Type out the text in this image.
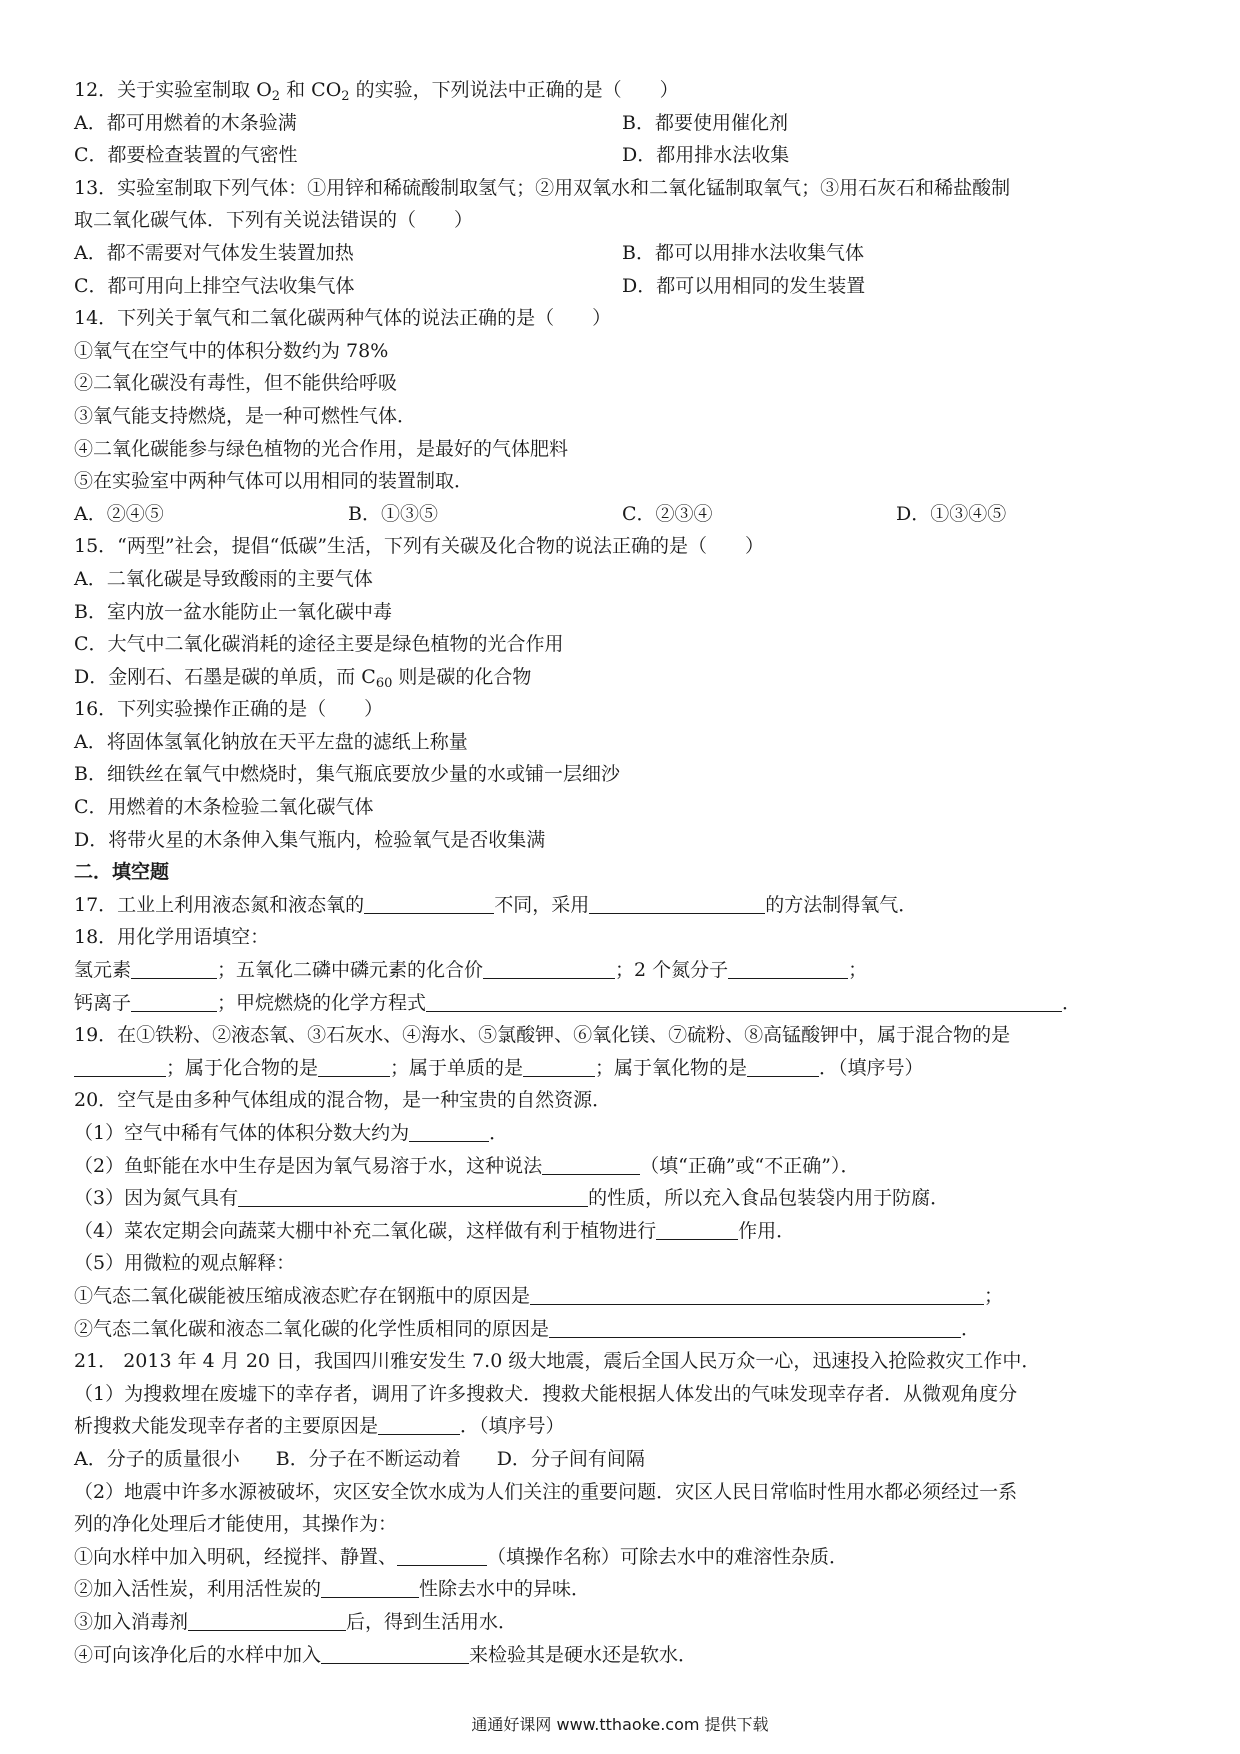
12．关于实验室制取 $O_2$ 和 $CO_2$ 的实验，下列说法中正确的是（　　）
A．都可用燃着的木条验满	B．都要使用催化剂
C．都要检查装置的气密性	D．都用排水法收集
13．实验室制取下列气体：①用锌和稀硫酸制取氢气；②用双氧水和二氧化锰制取氧气；③用石灰石和稀盐酸制
取二氧化碳气体．下列有关说法错误的（　　）
A．都不需要对气体发生装置加热	B．都可以用排水法收集气体
C．都可用向上排空气法收集气体	D．都可以用相同的发生装置
14．下列关于氧气和二氧化碳两种气体的说法正确的是（　　）
①氧气在空气中的体积分数约为 78%
②二氧化碳没有毒性，但不能供给呼吸
③氧气能支持燃烧，是一种可燃性气体．
④二氧化碳能参与绿色植物的光合作用，是最好的气体肥料
⑤在实验室中两种气体可以用相同的装置制取．
A．②④⑤	B．①③⑤	C．②③④	D．①③④⑤
15．“两型”社会，提倡“低碳”生活，下列有关碳及化合物的说法正确的是（　　）
A．二氧化碳是导致酸雨的主要气体
B．室内放一盆水能防止一氧化碳中毒
C．大气中二氧化碳消耗的途径主要是绿色植物的光合作用
D．金刚石、石墨是碳的单质，而 $C_{60}$ 则是碳的化合物
16．下列实验操作正确的是（　　）
A．将固体氢氧化钠放在天平左盘的滤纸上称量
B．细铁丝在氧气中燃烧时，集气瓶底要放少量的水或铺一层细沙
C．用燃着的木条检验二氧化碳气体
D．将带火星的木条伸入集气瓶内，检验氧气是否收集满
二．填空题
17．工业上利用液态氮和液态氧的	不同，采用	的方法制得氧气．
18．用化学用语填空：
氢元素	；五氧化二磷中磷元素的化合价	；2 个氮分子	；
钙离子	；甲烷燃烧的化学方程式	．
19．在①铁粉、②液态氧、③石灰水、④海水、⑤氯酸钾、⑥氧化镁、⑦硫粉、⑧高锰酸钾中，属于混合物的是
；属于化合物的是	；属于单质的是	；属于氧化物的是	．（填序号）
20．空气是由多种气体组成的混合物，是一种宝贵的自然资源．
（1）空气中稀有气体的体积分数大约为	．
（2）鱼虾能在水中生存是因为氧气易溶于水，这种说法	（填“正确”或“不正确”）．
（3）因为氮气具有	的性质，所以充入食品包装袋内用于防腐．
（4）菜农定期会向蔬菜大棚中补充二氧化碳，这样做有利于植物进行	作用．
（5）用微粒的观点解释：
①气态二氧化碳能被压缩成液态贮存在钢瓶中的原因是	；
②气态二氧化碳和液态二氧化碳的化学性质相同的原因是	．
21． 2013 年 4 月 20 日，我国四川雅安发生 7.0 级大地震，震后全国人民万众一心，迅速投入抢险救灾工作中．
（1）为搜救埋在废墟下的幸存者，调用了许多搜救犬．搜救犬能根据人体发出的气味发现幸存者．从微观角度分
析搜救犬能发现幸存者的主要原因是	．（填序号）
A．分子的质量很小 B．分子在不断运动着 D．分子间有间隔
（2）地震中许多水源被破坏，灾区安全饮水成为人们关注的重要问题．灾区人民日常临时性用水都必须经过一系
列的净化处理后才能使用，其操作为：
①向水样中加入明矾，经搅拌、静置、	（填操作名称）可除去水中的难溶性杂质．
②加入活性炭，利用活性炭的	性除去水中的异味．
③加入消毒剂	后，得到生活用水．
④可向该净化后的水样中加入	来检验其是硬水还是软水．
通通好课网 www.tthaoke.com 提供下载
